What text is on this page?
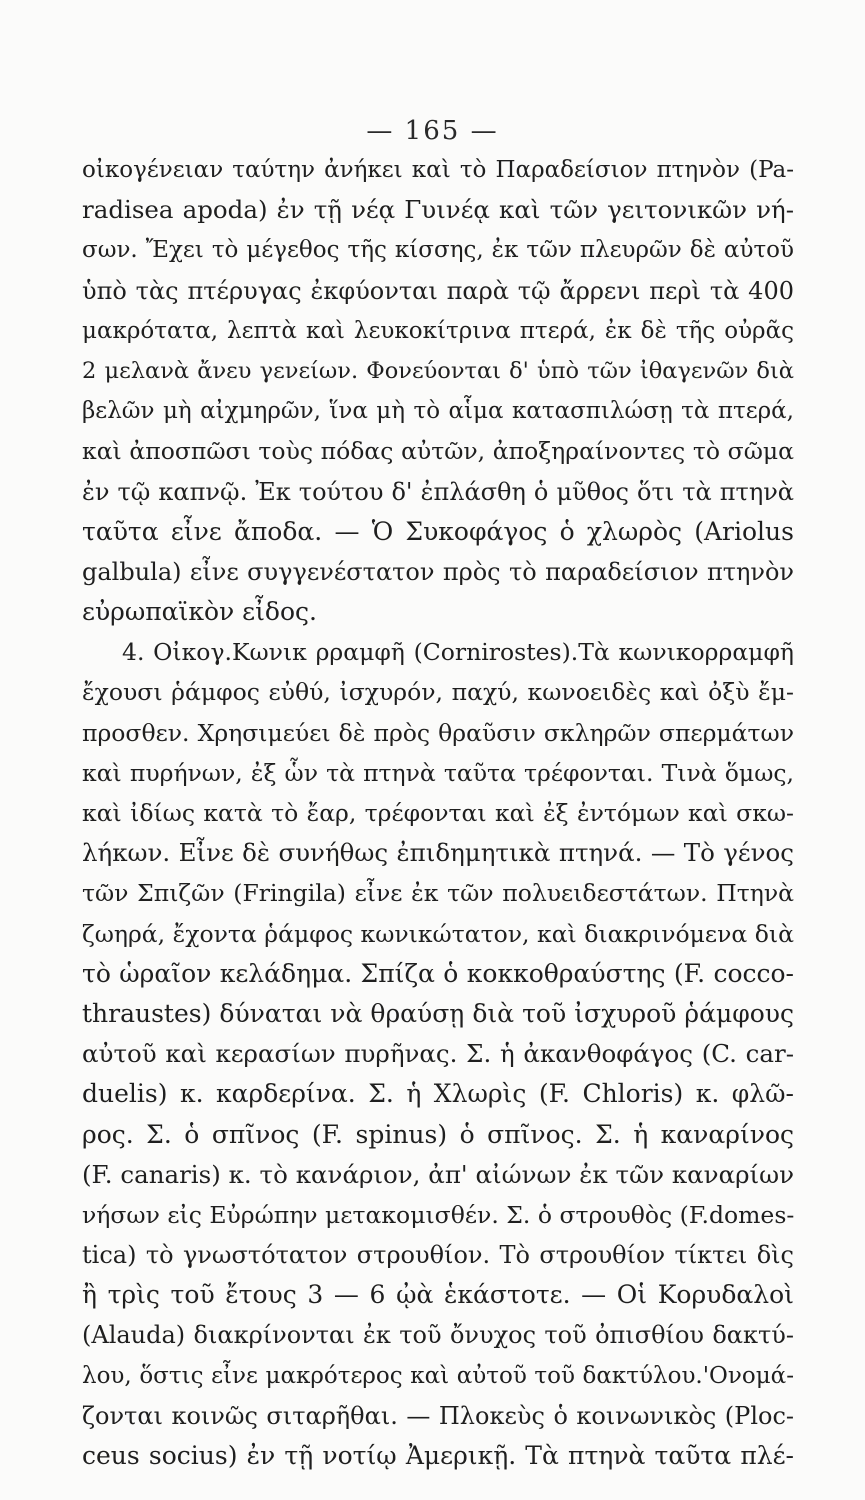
— 165 —
οἰκογένειαν ταύτην ἀνήκει καὶ τὸ Παραδείσιον πτηνὸν (Pa-
radisea apoda) ἐν τῇ νέᾳ Γυινέᾳ καὶ τῶν γειτονικῶν νή-
σων. Ἔχει τὸ μέγεθος τῆς κίσσης, ἐκ τῶν πλευρῶν δὲ αὐτοῦ
ὑπὸ τὰς πτέρυγας ἐκφύονται παρὰ τῷ ἄρρενι περὶ τὰ 400
μακρότατα, λεπτὰ καὶ λευκοκίτρινα πτερά, ἐκ δὲ τῆς οὐρᾶς
2 μελανὰ ἄνευ γενείων. Φονεύονται δ' ὑπὸ τῶν ἰθαγενῶν διὰ
βελῶν μὴ αἰχμηρῶν, ἵνα μὴ τὸ αἷμα κατασπιλώσῃ τὰ πτερά,
καὶ ἀποσπῶσι τοὺς πόδας αὐτῶν, ἀποξηραίνοντες τὸ σῶμα
ἐν τῷ καπνῷ. Ἐκ τούτου δ' ἐπλάσθη ὁ μῦθος ὅτι τὰ πτηνὰ
ταῦτα εἶνε ἄποδα. — Ὁ Συκοφάγος ὁ χλωρὸς (Ariolus
galbula) εἶνε συγγενέστατον πρὸς τὸ παραδείσιον πτηνὸν
εὐρωπαϊκὸν εἶδος.
4. Οἰκογ.Κωνικ ρραμφῆ (Cornirostes).Τὰ κωνικορραμφῆ
ἔχουσι ῥάμφος εὐθύ, ἰσχυρόν, παχύ, κωνοειδὲς καὶ ὀξὺ ἔμ-
προσθεν. Χρησιμεύει δὲ πρὸς θραῦσιν σκληρῶν σπερμάτων
καὶ πυρήνων, ἐξ ὧν τὰ πτηνὰ ταῦτα τρέφονται. Τινὰ ὅμως,
καὶ ἰδίως κατὰ τὸ ἔαρ, τρέφονται καὶ ἐξ ἐντόμων καὶ σκω-
λήκων. Εἶνε δὲ συνήθως ἐπιδημητικὰ πτηνά. — Τὸ γένος
τῶν Σπιζῶν (Fringila) εἶνε ἐκ τῶν πολυειδεστάτων. Πτηνὰ
ζωηρά, ἔχοντα ῥάμφος κωνικώτατον, καὶ διακρινόμενα διὰ
τὸ ὡραῖον κελάδημα. Σπίζα ὁ κοκκοθραύστης (F. cocco-
thraustes) δύναται νὰ θραύσῃ διὰ τοῦ ἰσχυροῦ ῥάμφους
αὐτοῦ καὶ κερασίων πυρῆνας. Σ. ἡ ἀκανθοφάγος (C. car-
duelis) κ. καρδερίνα. Σ. ἡ Χλωρὶς (F. Chloris) κ. φλῶ-
ρος. Σ. ὁ σπῖνος (F. spinus) ὁ σπῖνος. Σ. ἡ καναρίνος
(F. canaris) κ. τὸ κανάριον, ἀπ' αἰώνων ἐκ τῶν καναρίων
νήσων εἰς Εὐρώπην μετακομισθέν. Σ. ὁ στρουθὸς (F.domes-
tica) τὸ γνωστότατον στρουθίον. Τὸ στρουθίον τίκτει δὶς
ἢ τρὶς τοῦ ἔτους 3 — 6 ᾠὰ ἑκάστοτε. — Οἱ Κορυδαλοὶ
(Alauda) διακρίνονται ἐκ τοῦ ὄνυχος τοῦ ὀπισθίου δακτύ-
λου, ὅστις εἶνε μακρότερος καὶ αὐτοῦ τοῦ δακτύλου.'Ονομά-
ζονται κοινῶς σιταρῆθαι. — Πλοκεὺς ὁ κοινωνικὸς (Ploc-
ceus socius) ἐν τῇ νοτίῳ Ἀμερικῇ. Τὰ πτηνὰ ταῦτα πλέ-
